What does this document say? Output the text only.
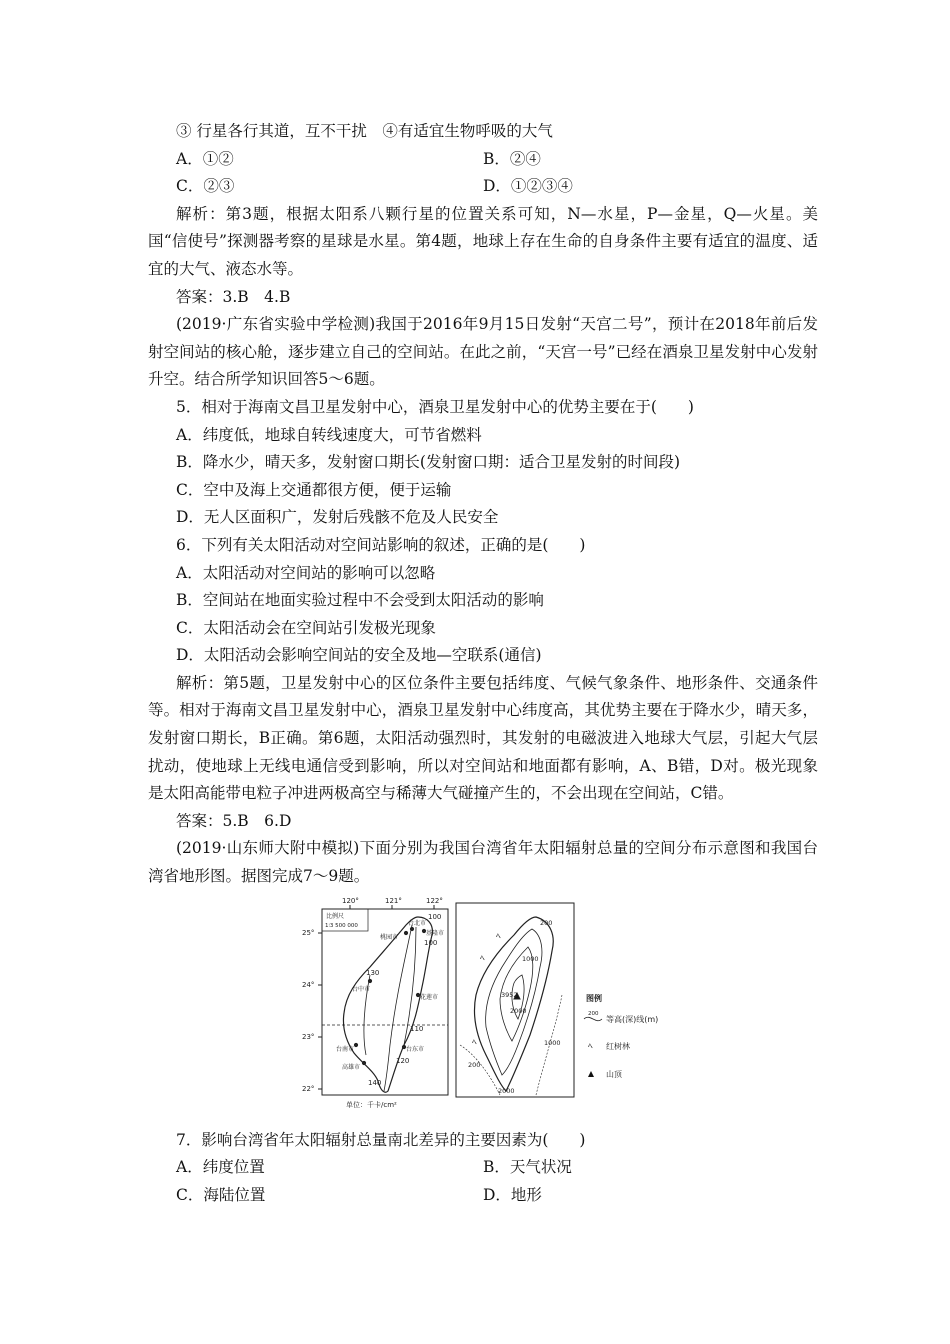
③ 行星各行其道，互不干扰　④有适宜生物呼吸的大气
A．①②	B．②④
C．②③	D．①②③④
解析：第3题，根据太阳系八颗行星的位置关系可知，N—水星，P—金星，Q—火星。美国“信使号”探测器考察的星球是水星。第4题，地球上存在生命的自身条件主要有适宜的温度、适宜的大气、液态水等。
答案：3.B　4.B
(2019·广东省实验中学检测)我国于2016年9月15日发射“天宫二号”，预计在2018年前后发射空间站的核心舱，逐步建立自己的空间站。在此之前，“天宫一号”已经在酒泉卫星发射中心发射升空。结合所学知识回答5～6题。
5．相对于海南文昌卫星发射中心，酒泉卫星发射中心的优势主要在于(　　)
A．纬度低，地球自转线速度大，可节省燃料
B．降水少，晴天多，发射窗口期长(发射窗口期：适合卫星发射的时间段)
C．空中及海上交通都很方便，便于运输
D．无人区面积广，发射后残骸不危及人民安全
6．下列有关太阳活动对空间站影响的叙述，正确的是(　　)
A．太阳活动对空间站的影响可以忽略
B．空间站在地面实验过程中不会受到太阳活动的影响
C．太阳活动会在空间站引发极光现象
D．太阳活动会影响空间站的安全及地—空联系(通信)
解析：第5题，卫星发射中心的区位条件主要包括纬度、气候气象条件、地形条件、交通条件等。相对于海南文昌卫星发射中心，酒泉卫星发射中心纬度高，其优势主要在于降水少，晴天多，发射窗口期长，B正确。第6题，太阳活动强烈时，其发射的电磁波进入地球大气层，引起大气层扰动，使地球上无线电通信受到影响，所以对空间站和地面都有影响，A、B错，D对。极光现象是太阳高能带电粒子冲进两极高空与稀薄大气碰撞产生的，不会出现在空间站，C错。
答案：5.B　6.D
(2019·山东师大附中模拟)下面分别为我国台湾省年太阳辐射总量的空间分布示意图和我国台湾省地形图。据图完成7～9题。
120°	121°	122°
25°
24°
23°
22°
比例尺
1∶3 500 000	台北市
桃园市
基隆市
台中市
花莲市
台南市	台东市
高雄市
100
100
130
110
120
140
单位：千卡/cm²
ﾍ
ﾍ
ﾍ
200
1000
3952
2000
1000
200
2000
图例
200
等高(深)线(m)
ﾍ 红树林
山顶
7．影响台湾省年太阳辐射总量南北差异的主要因素为(　　)
A．纬度位置	B．天气状况
C．海陆位置	D．地形
